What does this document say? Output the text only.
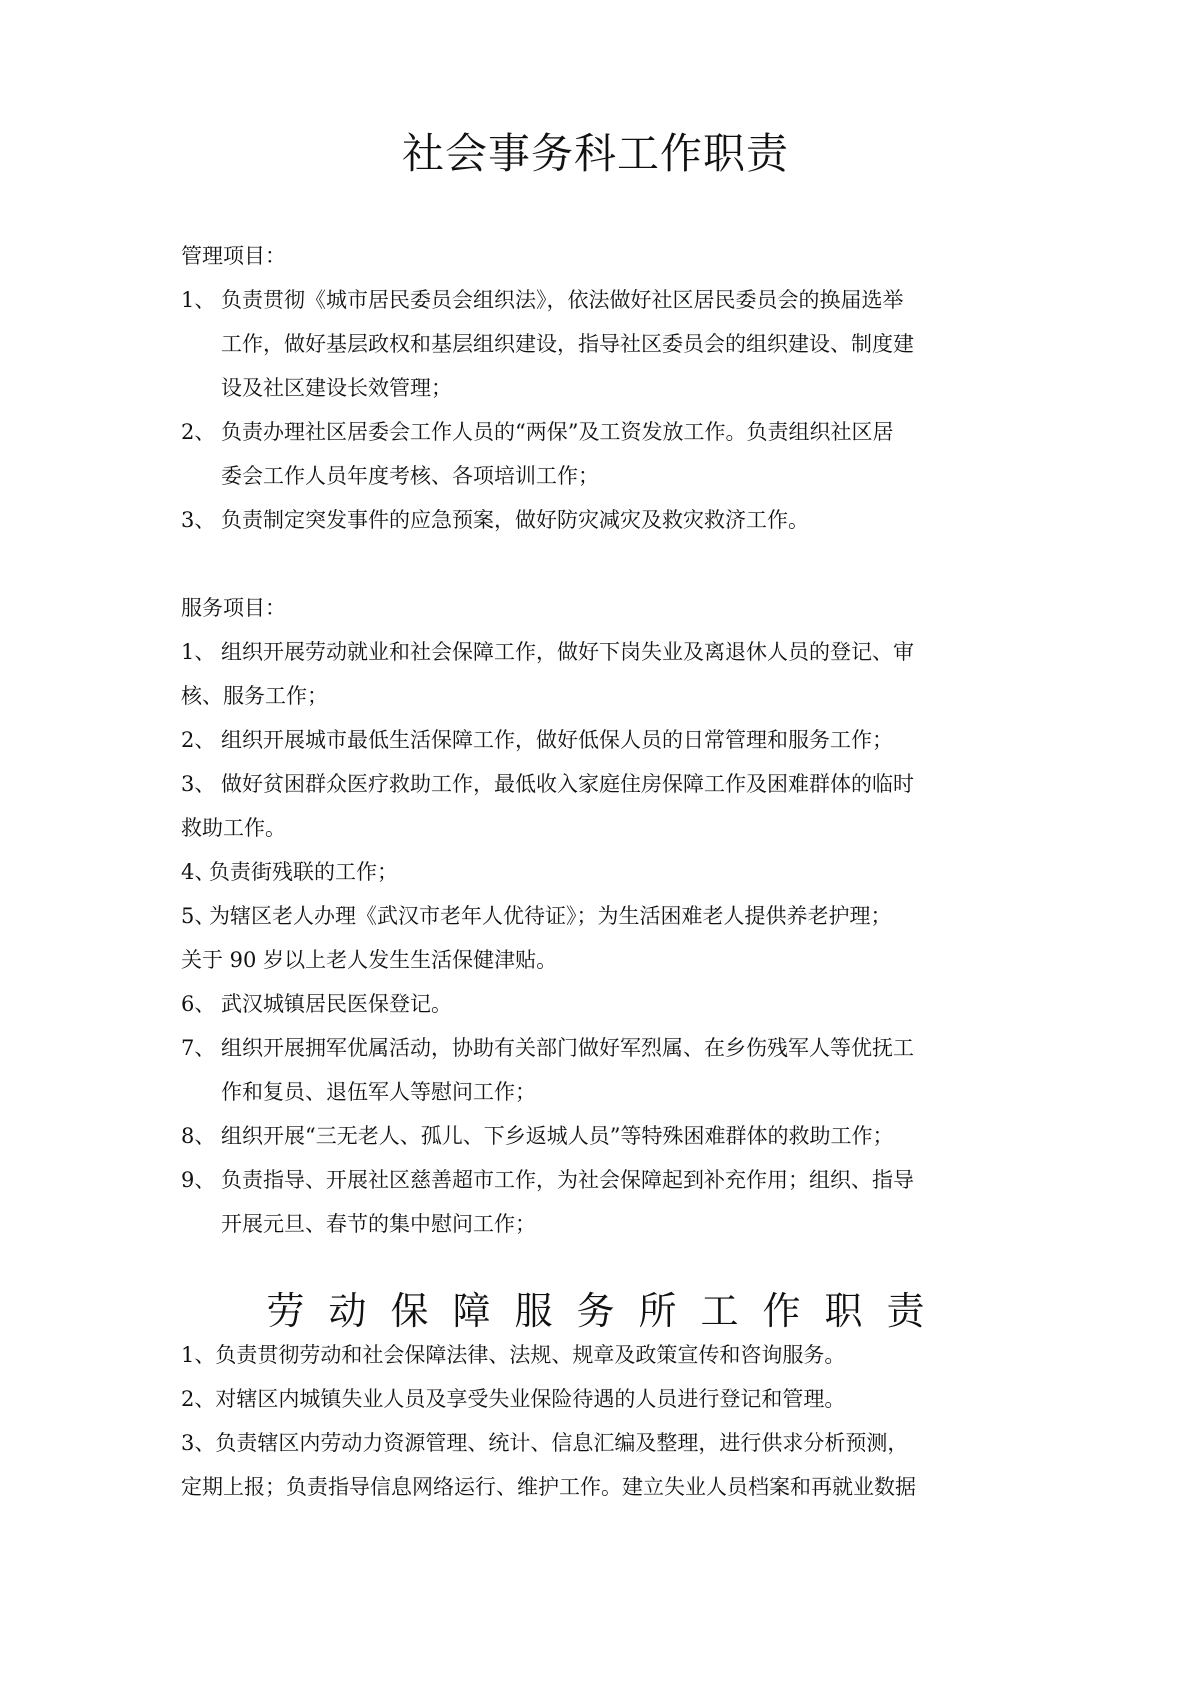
社会事务科工作职责

管理项目：

1、 负责贯彻《城市居民委员会组织法》，依法做好社区居民委员会的换届选举
工作，做好基层政权和基层组织建设，指导社区委员会的组织建设、制度建
设及社区建设长效管理；
2、 负责办理社区居委会工作人员的“两保”及工资发放工作。负责组织社区居
委会工作人员年度考核、各项培训工作；
3、 负责制定突发事件的应急预案，做好防灾减灾及救灾救济工作。

服务项目：

1、 组织开展劳动就业和社会保障工作，做好下岗失业及离退休人员的登记、审
核、服务工作；
2、 组织开展城市最低生活保障工作，做好低保人员的日常管理和服务工作；
3、 做好贫困群众医疗救助工作，最低收入家庭住房保障工作及困难群体的临时
救助工作。
4、
负责街残联的工作；
5、
为辖区老人办理《武汉市老年人优待证》；为生活困难老人提供养老护理；
关于 90 岁以上老人发生生活保健津贴。
6、 武汉城镇居民医保登记。
7、 组织开展拥军优属活动，协助有关部门做好军烈属、在乡伤残军人等优抚工
作和复员、退伍军人等慰问工作；
8、 组织开展“三无老人、孤儿、下乡返城人员”等特殊困难群体的救助工作；
9、 负责指导、开展社区慈善超市工作，为社会保障起到补充作用；组织、指导
开展元旦、春节的集中慰问工作；
劳动保障服务所工作职责
1、负责贯彻劳动和社会保障法律、法规、规章及政策宣传和咨询服务。
2、对辖区内城镇失业人员及享受失业保险待遇的人员进行登记和管理。
3、负责辖区内劳动力资源管理、统计、信息汇编及整理，进行供求分析预测，
定期上报；负责指导信息网络运行、维护工作。建立失业人员档案和再就业数据
